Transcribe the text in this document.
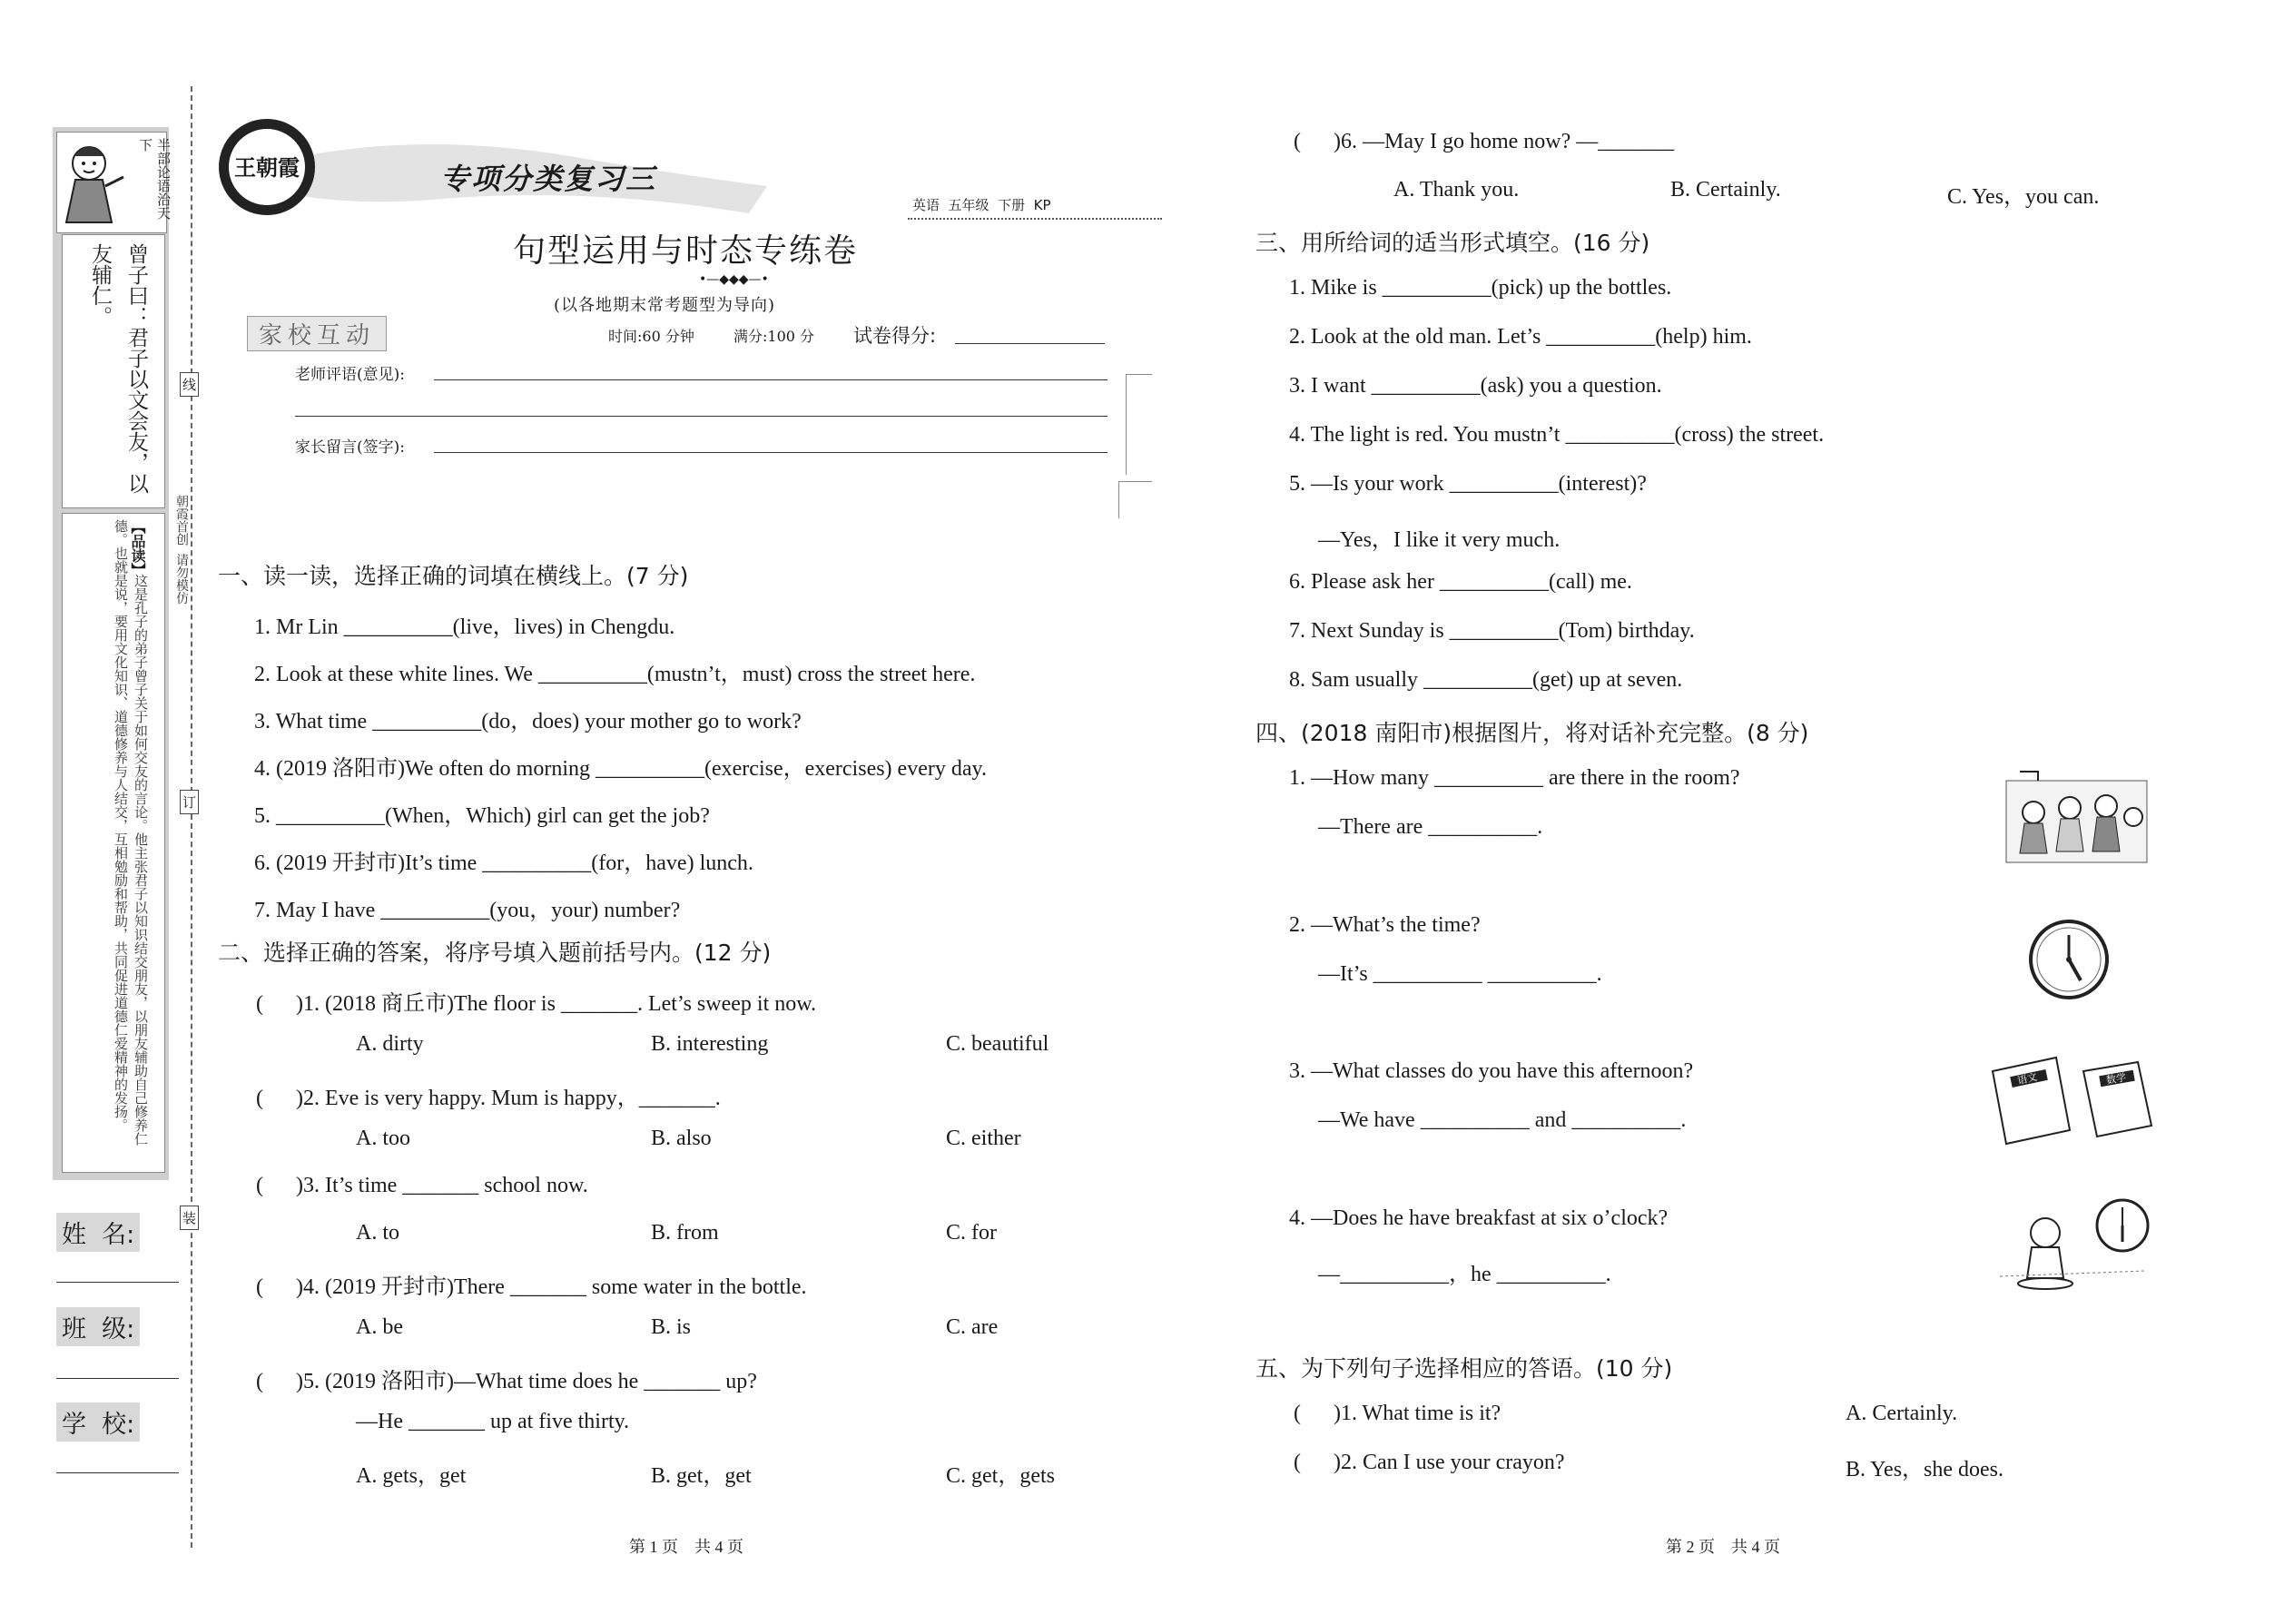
半部论语治天下
曾子曰：君子以文会友，以友辅仁。
【品读】
这是孔子的弟子曾子关于如何交友的言论。他主张君子以知识结交朋友，以朋友辅助自己修养仁德。也就是说，要用文化知识、道德修养与人结交，互相勉励和帮助，共同促进道德仁爱精神的发扬。
姓  名:
班  级:
学  校:
线
订
装
朝霞首创  请勿模仿
王朝霞	专项分类复习三
英语  五年级  下册  KP
句型运用与时态专练卷
•—◆◆◆—•
(以各地期末常考题型为导向)
家校互动	时间:60 分钟	满分:100 分 试卷得分:
老师评语(意见):
家长留言(签字):
一、读一读，选择正确的词填在横线上。(7 分)
1. Mr Lin __________(live，lives) in Chengdu.
2. Look at these white lines. We __________(mustn’t，must) cross the street here.
3. What time __________(do，does) your mother go to work?
4. (2019 洛阳市)We often do morning __________(exercise，exercises) every day.
5. __________(When，Which) girl can get the job?
6. (2019 开封市)It’s time __________(for，have) lunch.
7. May I have __________(you，your) number?
二、选择正确的答案，将序号填入题前括号内。(12 分)
(      )1. (2018 商丘市)The floor is _______. Let’s sweep it now.
A. dirty	B. interesting	C. beautiful
(      )2. Eve is very happy. Mum is happy，_______.
A. too	B. also	C. either
(      )3. It’s time _______ school now.
A. to	B. from	C. for
(      )4. (2019 开封市)There _______ some water in the bottle.
A. be	B. is	C. are
(      )5. (2019 洛阳市)—What time does he _______ up?
—He _______ up at five thirty.
A. gets，get	B. get，get	C. get，gets
第 1 页    共 4 页
(      )6. —May I go home now? —_______
A. Thank you.	B. Certainly.	C. Yes，you can.
三、用所给词的适当形式填空。(16 分)
1. Mike is __________(pick) up the bottles.
2. Look at the old man. Let’s __________(help) him.
3. I want __________(ask) you a question.
4. The light is red. You mustn’t __________(cross) the street.
5. —Is your work __________(interest)?
—Yes，I like it very much.
6. Please ask her __________(call) me.
7. Next Sunday is __________(Tom) birthday.
8. Sam usually __________(get) up at seven.
四、(2018 南阳市)根据图片，将对话补充完整。(8 分)
1. —How many __________ are there in the room?
—There are __________.
2. —What’s the time?
—It’s __________ __________.
3. —What classes do you have this afternoon?
—We have __________ and __________.
4. —Does he have breakfast at six o’clock?
—__________，he __________.
语文	数学
五、为下列句子选择相应的答语。(10 分)
(      )1. What time is it?	A. Certainly.
(      )2. Can I use your crayon?	B. Yes，she does.
第 2 页    共 4 页
